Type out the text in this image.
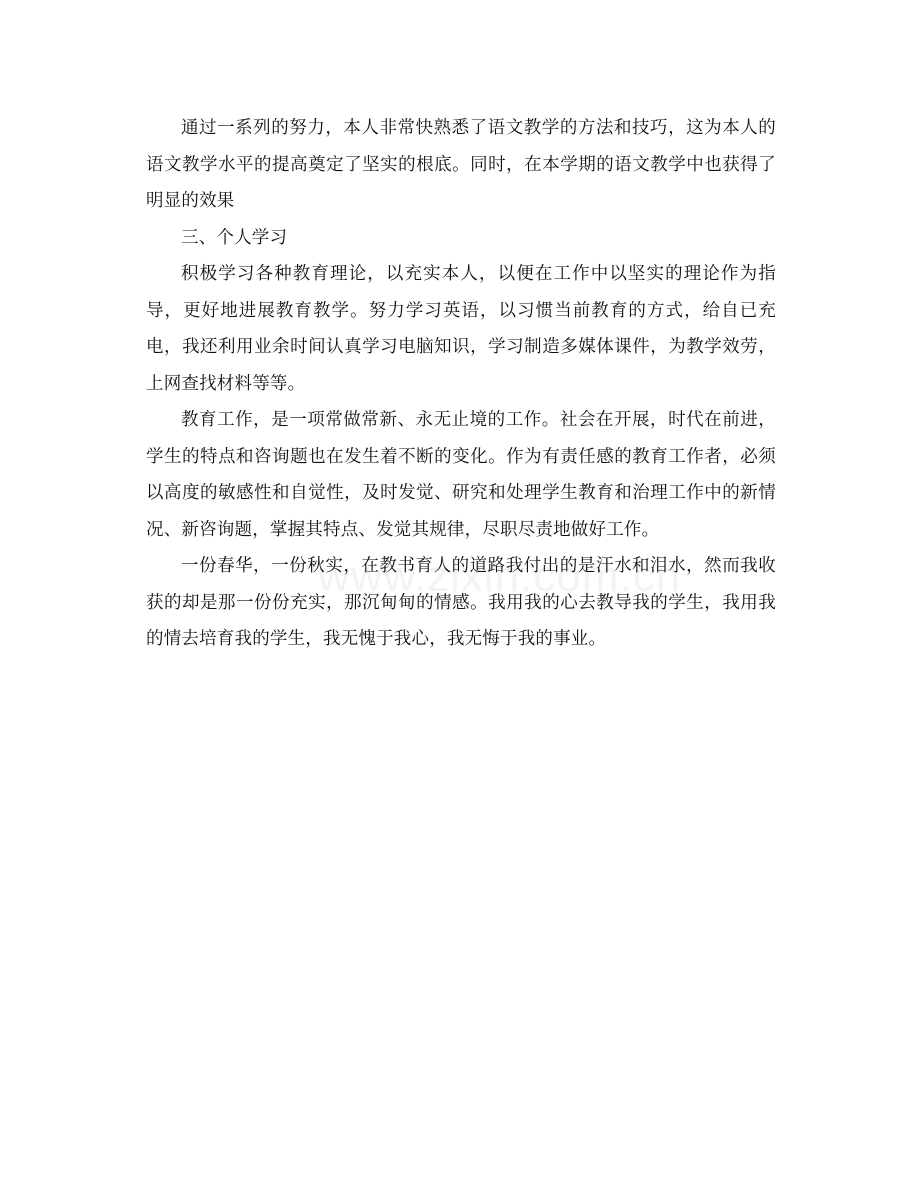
通过一系列的努力，本人非常快熟悉了语文教学的方法和技巧，这为本人的语文教学水平的提高奠定了坚实的根底。同时，在本学期的语文教学中也获得了明显的效果

三、个人学习

积极学习各种教育理论，以充实本人，以便在工作中以坚实的理论作为指导，更好地进展教育教学。努力学习英语，以习惯当前教育的方式，给自已充电，我还利用业余时间认真学习电脑知识，学习制造多媒体课件，为教学效劳，上网查找材料等等。

教育工作，是一项常做常新、永无止境的工作。社会在开展，时代在前进，学生的特点和咨询题也在发生着不断的变化。作为有责任感的教育工作者，必须以高度的敏感性和自觉性，及时发觉、研究和处理学生教育和治理工作中的新情况、新咨询题，掌握其特点、发觉其规律，尽职尽责地做好工作。

一份春华，一份秋实，在教书育人的道路我付出的是汗水和泪水，然而我收获的却是那一份份充实，那沉甸甸的情感。我用我的心去教导我的学生，我用我的情去培育我的学生，我无愧于我心，我无悔于我的事业。
